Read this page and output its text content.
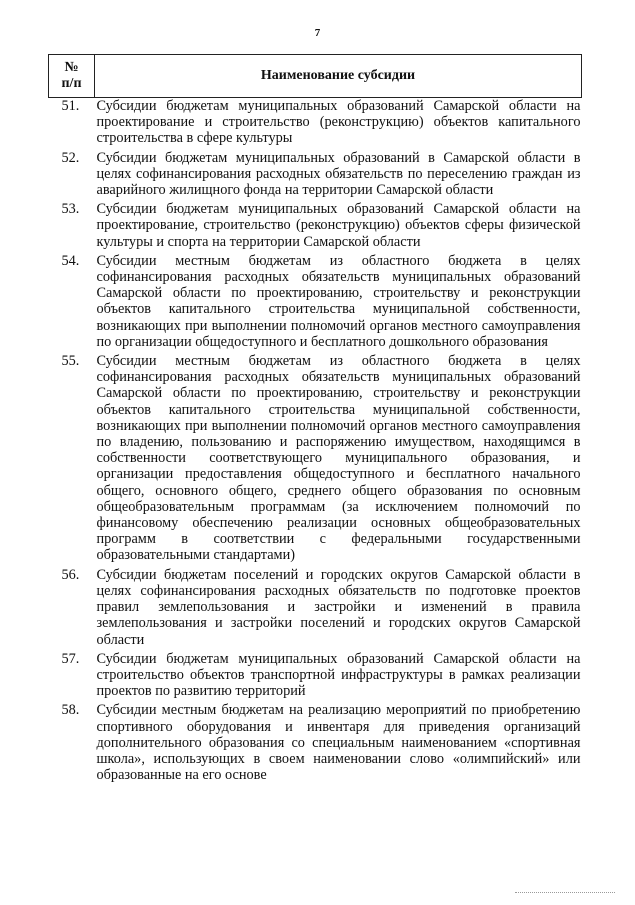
7
№
п/п	Наименование субсидии
51.	Субсидии бюджетам муниципальных образований Самарской области на проектирование и строительство (реконструкцию) объектов капитального строительства в сфере культуры
52.	Субсидии бюджетам муниципальных образований в Самарской области в целях софинансирования расходных обязательств по переселению граждан из аварийного жилищного фонда на территории Самарской области
53.	Субсидии бюджетам муниципальных образований Самарской области на проектирование, строительство (реконструкцию) объектов сферы физической культуры и спорта на территории Самарской области
54.	Субсидии местным бюджетам из областного бюджета в целях софинансирования расходных обязательств муниципальных образований Самарской области по проектированию, строительству и реконструкции объектов капитального строительства муниципальной собственности, возникающих при выполнении полномочий органов местного самоуправления по организации общедоступного и бесплатного дошкольного образования
55.	Субсидии местным бюджетам из областного бюджета в целях софинансирования расходных обязательств муниципальных образований Самарской области по проектированию, строительству и реконструкции объектов капитального строительства муниципальной собственности, возникающих при выполнении полномочий органов местного самоуправления по владению, пользованию и распоряжению имуществом, находящимся в собственности соответствующего муниципального образования, и организации предоставления общедоступного и бесплатного начального общего, основного общего, среднего общего образования по основным общеобразовательным программам (за исключением полномочий по финансовому обеспечению реализации основных общеобразовательных программ в соответствии с федеральными государственными образовательными стандартами)
56.	Субсидии бюджетам поселений и городских округов Самарской области в целях софинансирования расходных обязательств по подготовке проектов правил землепользования и застройки и изменений в правила землепользования и застройки поселений и городских округов Самарской области
57.	Субсидии бюджетам муниципальных образований Самарской области на строительство объектов транспортной инфраструктуры в рамках реализации проектов по развитию территорий
58.	Субсидии местным бюджетам на реализацию мероприятий по приобретению спортивного оборудования и инвентаря для приведения организаций дополнительного образования со специальным наименованием «спортивная школа», использующих в своем наименовании слово «олимпийский» или образованные на его основе
